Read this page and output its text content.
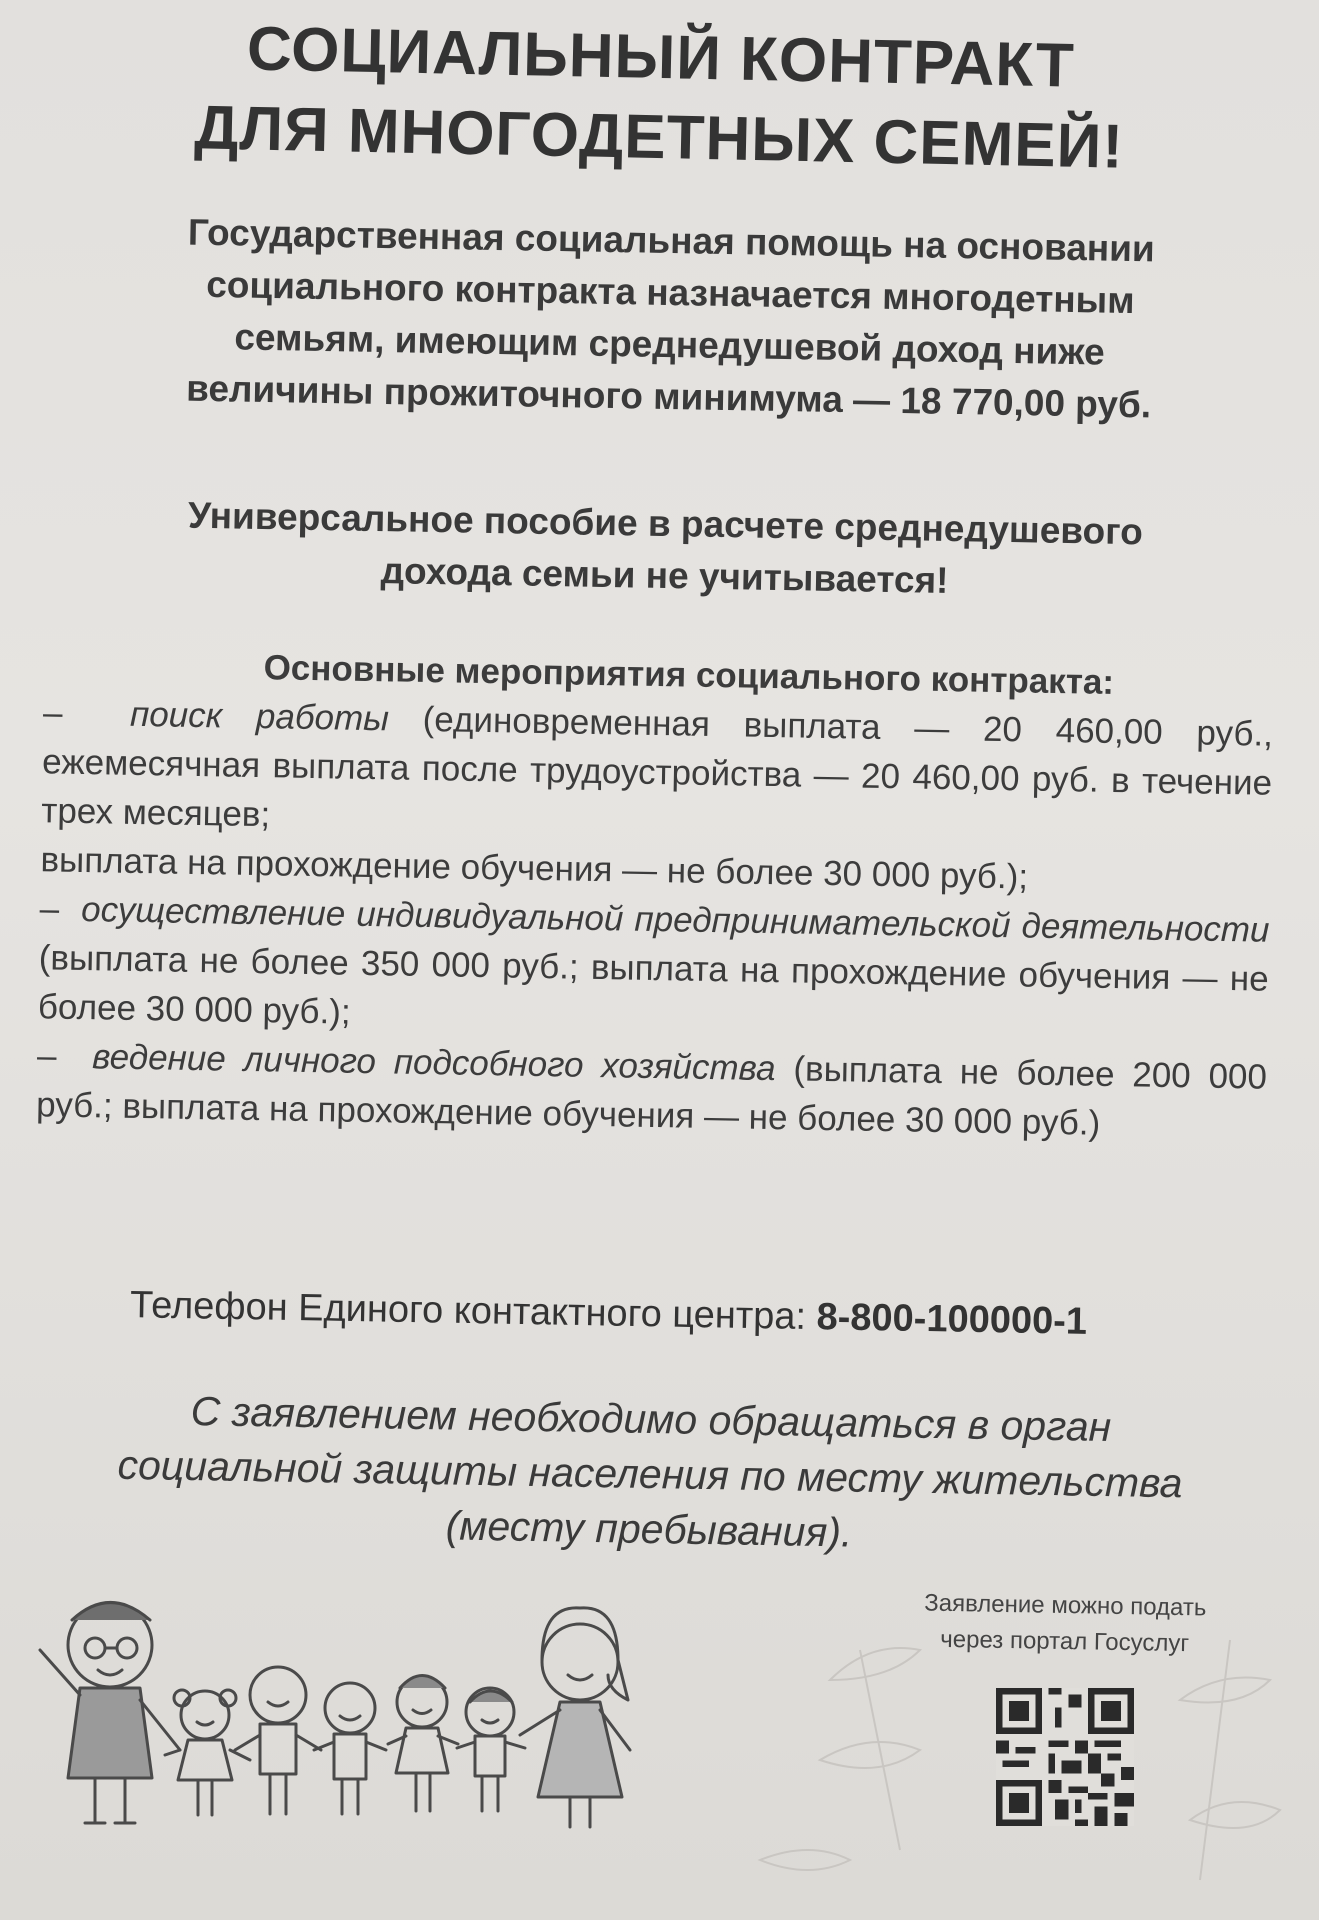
СОЦИАЛЬНЫЙ КОНТРАКТ
ДЛЯ МНОГОДЕТНЫХ СЕМЕЙ!
Государственная социальная помощь на основании
социального контракта назначается многодетным
семьям, имеющим среднедушевой доход ниже
величины прожиточного минимума — 18 770,00 руб.
Универсальное пособие в расчете среднедушевого
дохода семьи не учитывается!
Основные мероприятия социального контракта:

– поиск работы (единовременная выплата — 20 460,00 руб., ежемесячная выплата после трудоустройства — 20 460,00 руб. в течение трех месяцев;

выплата на прохождение обучения — не более 30 000 руб.);

– осуществление индивидуальной предпринимательской деятельности (выплата не более 350 000 руб.; выплата на прохождение обучения — не более 30 000 руб.);

– ведение личного подсобного хозяйства (выплата не более 200 000 руб.; выплата на прохождение обучения — не более 30 000 руб.)

Телефон Единого контактного центра: 8-800-100000-1
С заявлением необходимо обращаться в орган
социальной защиты населения по месту жительства
(месту пребывания).
Заявление можно подать
через портал Госуслуг
